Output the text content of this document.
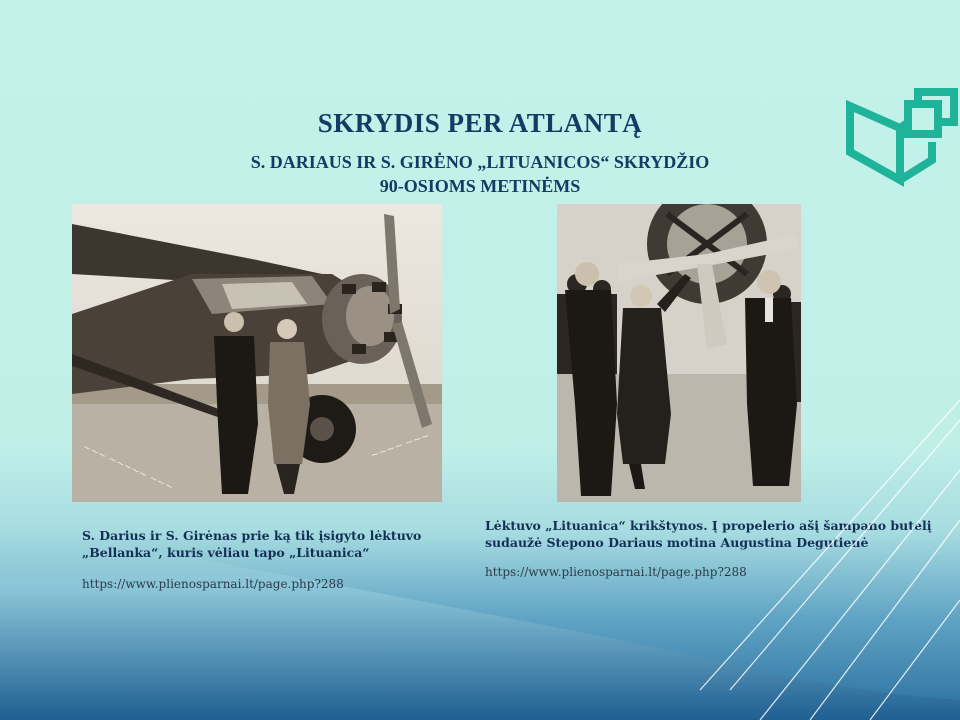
SKRYDIS PER ATLANTĄ
S. DARIAUS IR S. GIRĖNO „LITUANICOS“ SKRYDŽIO
90-OSIOMS METINĖMS
~~~ ~~~~~ ~~~	~~~~ ~~~
S. Darius ir S. Girėnas prie ką tik įsigyto lėktuvo
„Bellanka“, kuris vėliau tapo „Lituanica“
https://www.plienosparnai.lt/page.php?288
Lėktuvo „Lituanica“ krikštynos. Į propelerio ašį šampano butelį
sudaužė Stepono Dariaus motina Augustina Degutienė
https://www.plienosparnai.lt/page.php?288
